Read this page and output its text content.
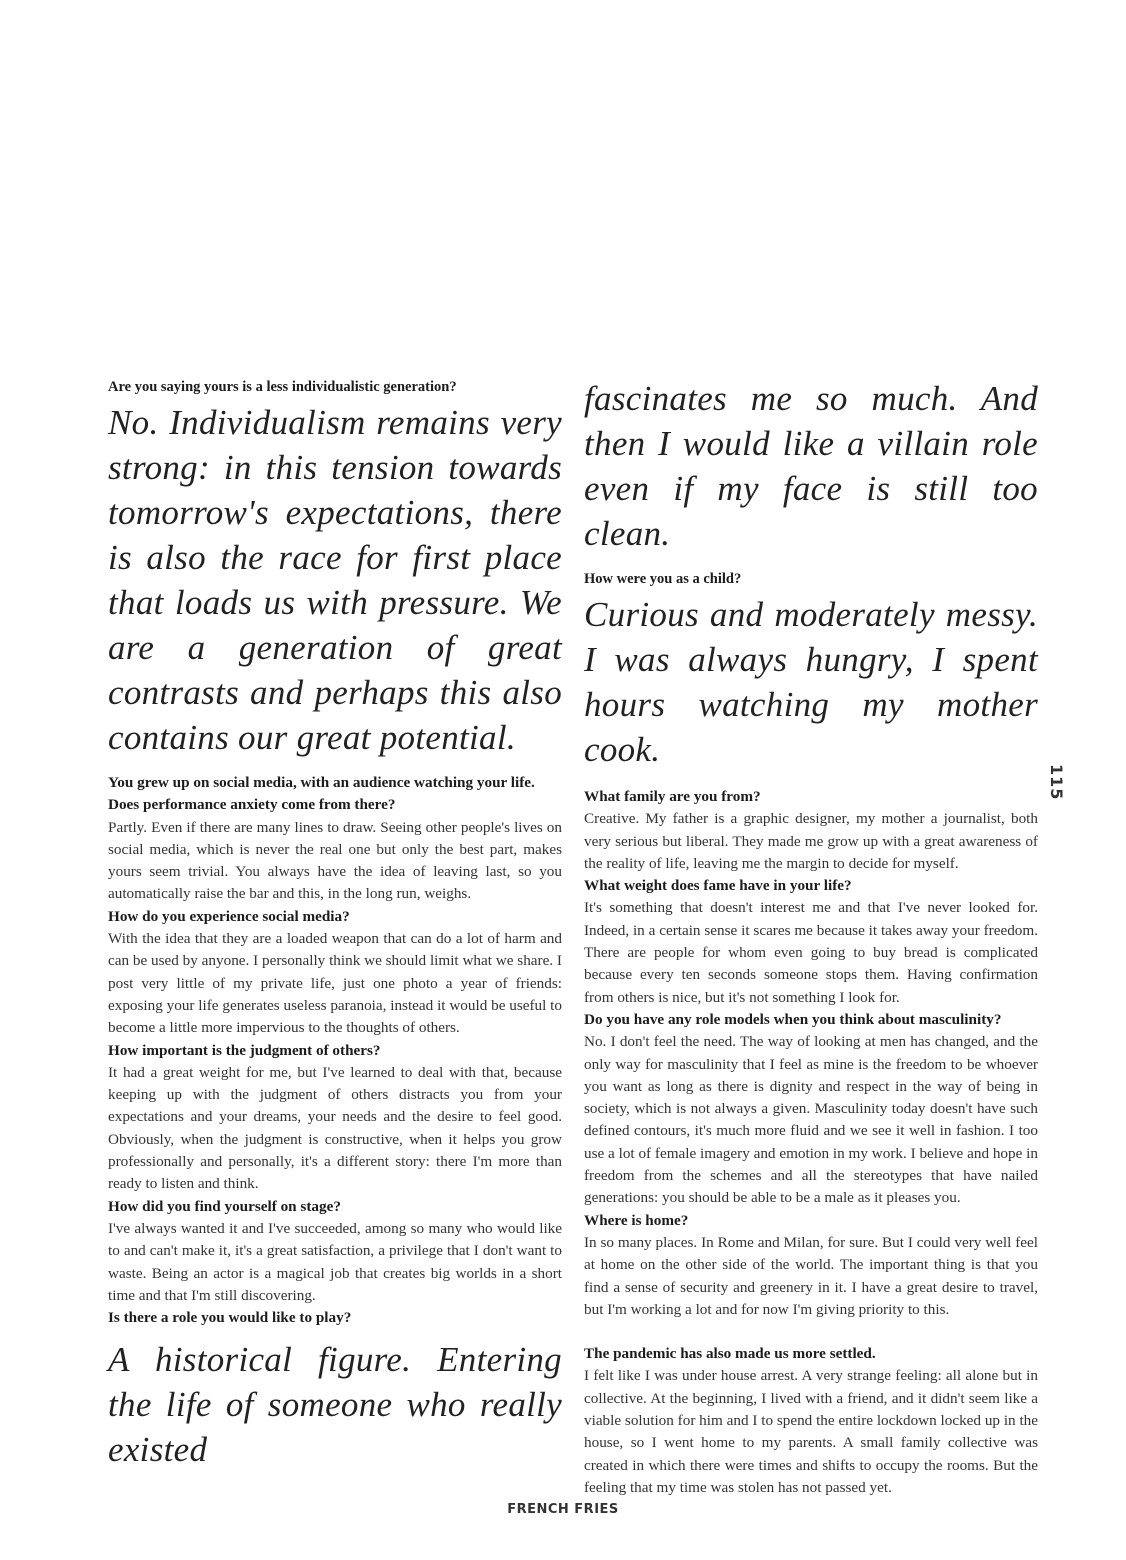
Are you saying yours is a less individualistic generation?

No. Individualism remains very strong: in this tension towards tomorrow's expectations, there is also the race for first place that loads us with pressure. We are a generation of great contrasts and perhaps this also contains our great potential.

You grew up on social media, with an audience watching your life. Does performance anxiety come from there?

Partly. Even if there are many lines to draw. Seeing other people's lives on social media, which is never the real one but only the best part, makes yours seem trivial. You always have the idea of leaving last, so you automatically raise the bar and this, in the long run, weighs.

How do you experience social media?

With the idea that they are a loaded weapon that can do a lot of harm and can be used by anyone. I personally think we should limit what we share. I post very little of my private life, just one photo a year of friends: exposing your life generates useless paranoia, instead it would be useful to become a little more impervious to the thoughts of others.

How important is the judgment of others?

It had a great weight for me, but I've learned to deal with that, because keeping up with the judgment of others distracts you from your expectations and your dreams, your needs and the desire to feel good. Obviously, when the judgment is constructive, when it helps you grow professionally and personally, it's a different story: there I'm more than ready to listen and think.

How did you find yourself on stage?

I've always wanted it and I've succeeded, among so many who would like to and can't make it, it's a great satisfaction, a privilege that I don't want to waste. Being an actor is a magical job that creates big worlds in a short time and that I'm still discovering.

Is there a role you would like to play?

A historical figure. Entering the life of someone who really existed

fascinates me so much. And then I would like a villain role even if my face is still too clean.

How were you as a child?

Curious and moderately messy. I was always hungry, I spent hours watching my mother cook.

What family are you from?

Creative. My father is a graphic designer, my mother a journalist, both very serious but liberal. They made me grow up with a great awareness of the reality of life, leaving me the margin to decide for myself.

What weight does fame have in your life?

It's something that doesn't interest me and that I've never looked for. Indeed, in a certain sense it scares me because it takes away your freedom. There are people for whom even going to buy bread is complicated because every ten seconds someone stops them. Having confirmation from others is nice, but it's not something I look for.

Do you have any role models when you think about masculinity?

No. I don't feel the need. The way of looking at men has changed, and the only way for masculinity that I feel as mine is the freedom to be whoever you want as long as there is dignity and respect in the way of being in society, which is not always a given. Masculinity today doesn't have such defined contours, it's much more fluid and we see it well in fashion. I too use a lot of female imagery and emotion in my work. I believe and hope in freedom from the schemes and all the stereotypes that have nailed generations: you should be able to be a male as it pleases you.

Where is home?

In so many places. In Rome and Milan, for sure. But I could very well feel at home on the other side of the world. The important thing is that you find a sense of security and greenery in it. I have a great desire to travel, but I'm working a lot and for now I'm giving priority to this.

The pandemic has also made us more settled.

I felt like I was under house arrest. A very strange feeling: all alone but in collective. At the beginning, I lived with a friend, and it didn't seem like a viable solution for him and I to spend the entire lockdown locked up in the house, so I went home to my parents. A small family collective was created in which there were times and shifts to occupy the rooms. But the feeling that my time was stolen has not passed yet.

115
FRENCH FRIES
